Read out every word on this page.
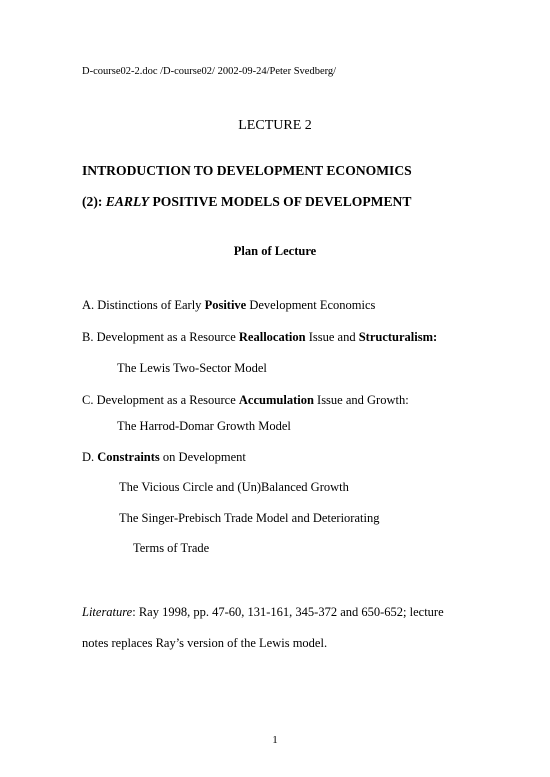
D-course02-2.doc /D-course02/ 2002-09-24/Peter Svedberg/
LECTURE 2
INTRODUCTION TO DEVELOPMENT ECONOMICS
(2): EARLY POSITIVE MODELS OF DEVELOPMENT
Plan of Lecture
A. Distinctions of Early Positive Development Economics
B. Development as a Resource Reallocation Issue and Structuralism:
The Lewis Two-Sector Model
C. Development as a Resource Accumulation Issue and Growth:
The Harrod-Domar Growth Model
D. Constraints on Development
The Vicious Circle and (Un)Balanced Growth
The Singer-Prebisch Trade Model and Deteriorating
Terms of Trade
Literature: Ray 1998, pp. 47-60, 131-161, 345-372 and 650-652; lecture
notes replaces Ray’s version of the Lewis model.
1
